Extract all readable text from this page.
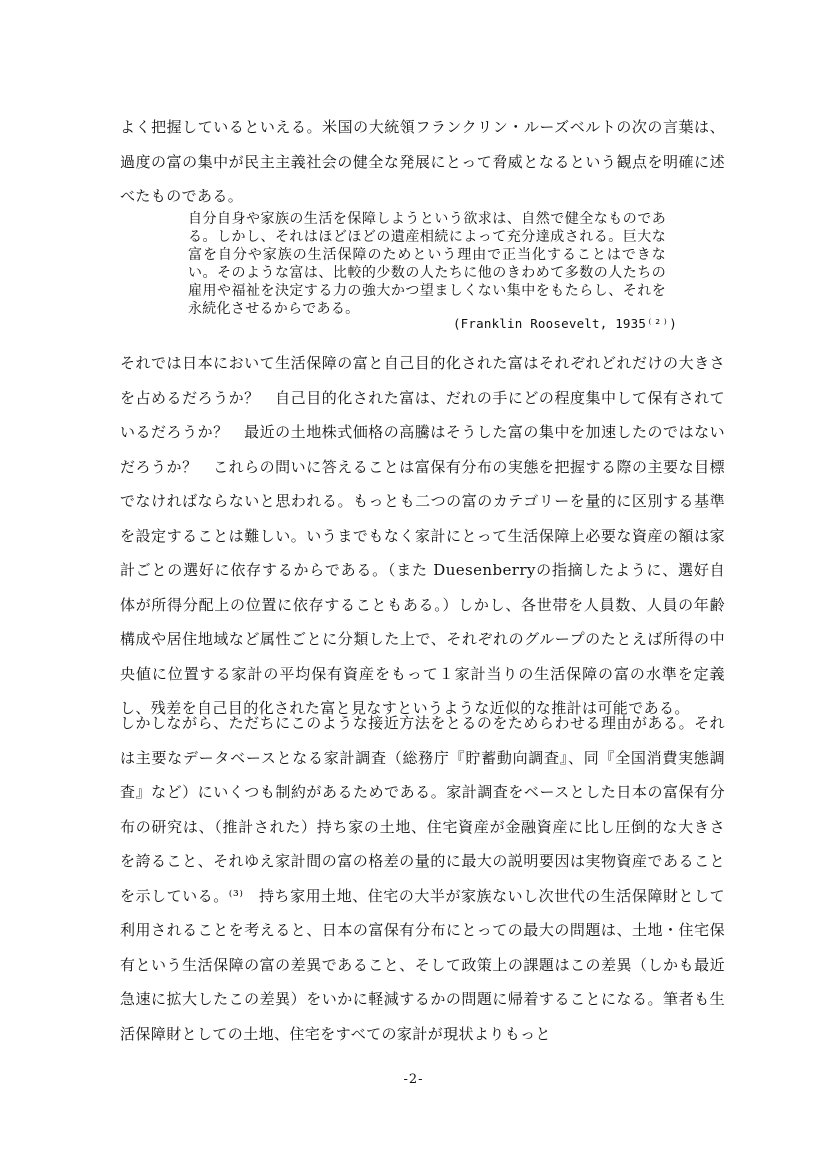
よく把握しているといえる。米国の大統領フランクリン・ルーズベルトの次の言葉は、過度の富の集中が民主主義社会の健全な発展にとって脅威となるという観点を明確に述べたものである。

自分自身や家族の生活を保障しようという欲求は、自然で健全なものである。しかし、それはほどほどの遺産相続によって充分達成される。巨大な富を自分や家族の生活保障のためという理由で正当化することはできない。そのような富は、比較的少数の人たちに他のきわめて多数の人たちの雇用や福祉を決定する力の強大かつ望ましくない集中をもたらし、それを永続化させるからである。

(Franklin Roosevelt, 1935⁽²⁾)

それでは日本において生活保障の富と自己目的化された富はそれぞれどれだけの大きさを占めるだろうか？　自己目的化された富は、だれの手にどの程度集中して保有されているだろうか？　最近の土地株式価格の高騰はそうした富の集中を加速したのではないだろうか？　これらの問いに答えることは富保有分布の実態を把握する際の主要な目標でなければならないと思われる。もっとも二つの富のカテゴリーを量的に区別する基準を設定することは難しい。いうまでもなく家計にとって生活保障上必要な資産の額は家計ごとの選好に依存するからである。（また Duesenberryの指摘したように、選好自体が所得分配上の位置に依存することもある。）しかし、各世帯を人員数、人員の年齢構成や居住地域など属性ごとに分類した上で、それぞれのグループのたとえば所得の中央値に位置する家計の平均保有資産をもって１家計当りの生活保障の富の水準を定義し、残差を自己目的化された富と見なすというような近似的な推計は可能である。

しかしながら、ただちにこのような接近方法をとるのをためらわせる理由がある。それは主要なデータベースとなる家計調査（総務庁『貯蓄動向調査』、同『全国消費実態調査』など）にいくつも制約があるためである。家計調査をベースとした日本の富保有分布の研究は、（推計された）持ち家の土地、住宅資産が金融資産に比し圧倒的な大きさを誇ること、それゆえ家計間の富の格差の量的に最大の説明要因は実物資産であることを示している。⁽³⁾　持ち家用土地、住宅の大半が家族ないし次世代の生活保障財として利用されることを考えると、日本の富保有分布にとっての最大の問題は、土地・住宅保有という生活保障の富の差異であること、そして政策上の課題はこの差異（しかも最近急速に拡大したこの差異）をいかに軽減するかの問題に帰着することになる。筆者も生活保障財としての土地、住宅をすべての家計が現状よりもっと

-2-
